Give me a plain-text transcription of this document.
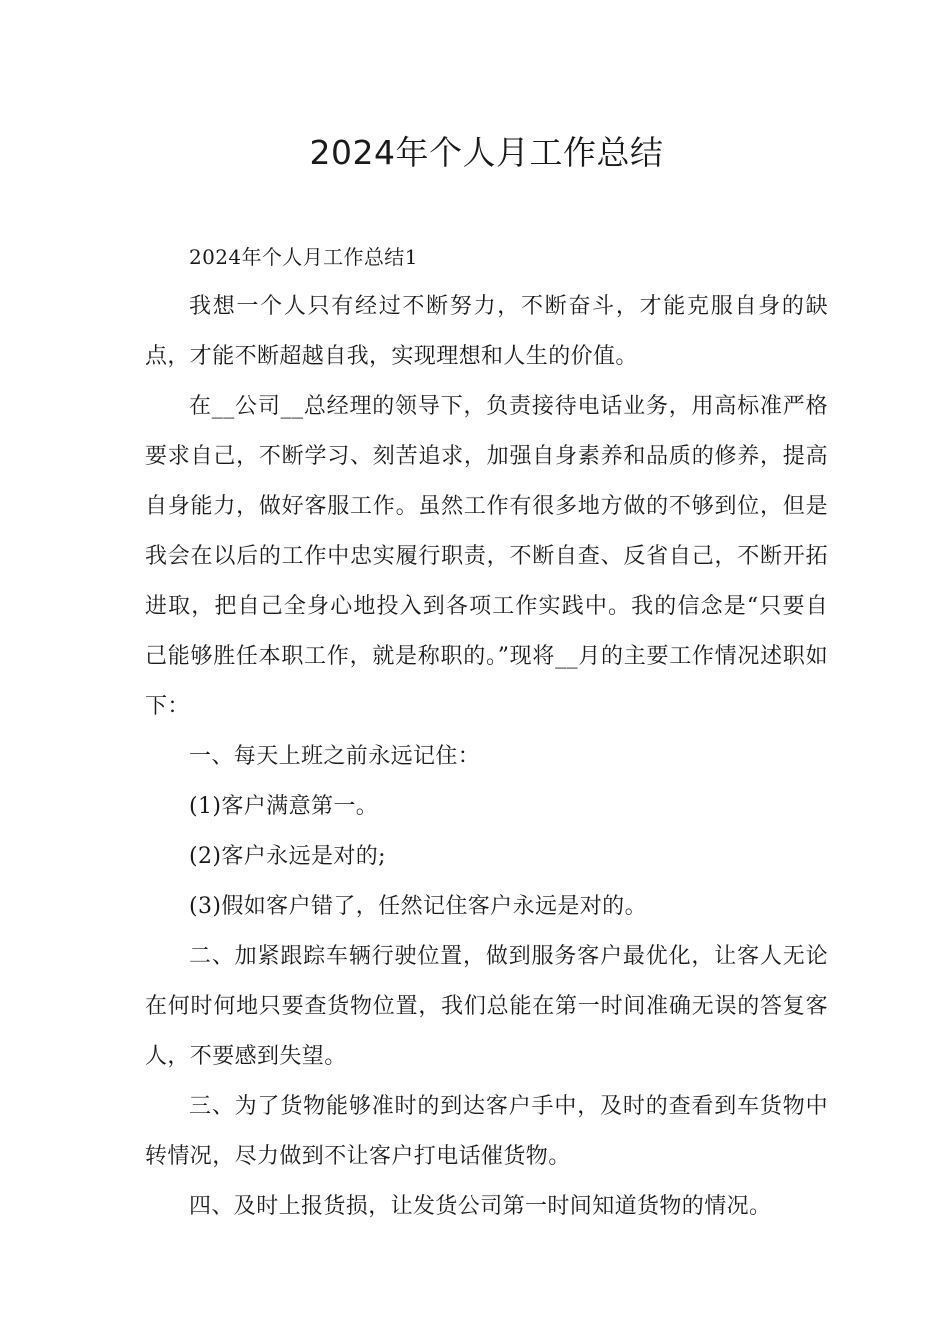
2024年个人月工作总结

2024年个人月工作总结1

我想一个人只有经过不断努力，不断奋斗，才能克服自身的缺点，才能不断超越自我，实现理想和人生的价值。

在__公司__总经理的领导下，负责接待电话业务，用高标准严格要求自己，不断学习、刻苦追求，加强自身素养和品质的修养，提高自身能力，做好客服工作。虽然工作有很多地方做的不够到位，但是我会在以后的工作中忠实履行职责，不断自查、反省自己，不断开拓进取，把自己全身心地投入到各项工作实践中。我的信念是“只要自己能够胜任本职工作，就是称职的。”现将__月的主要工作情况述职如下：

一、每天上班之前永远记住：

(1)客户满意第一。

(2)客户永远是对的;

(3)假如客户错了，任然记住客户永远是对的。

二、加紧跟踪车辆行驶位置，做到服务客户最优化，让客人无论在何时何地只要查货物位置，我们总能在第一时间准确无误的答复客人，不要感到失望。

三、为了货物能够准时的到达客户手中，及时的查看到车货物中转情况，尽力做到不让客户打电话催货物。

四、及时上报货损，让发货公司第一时间知道货物的情况。
